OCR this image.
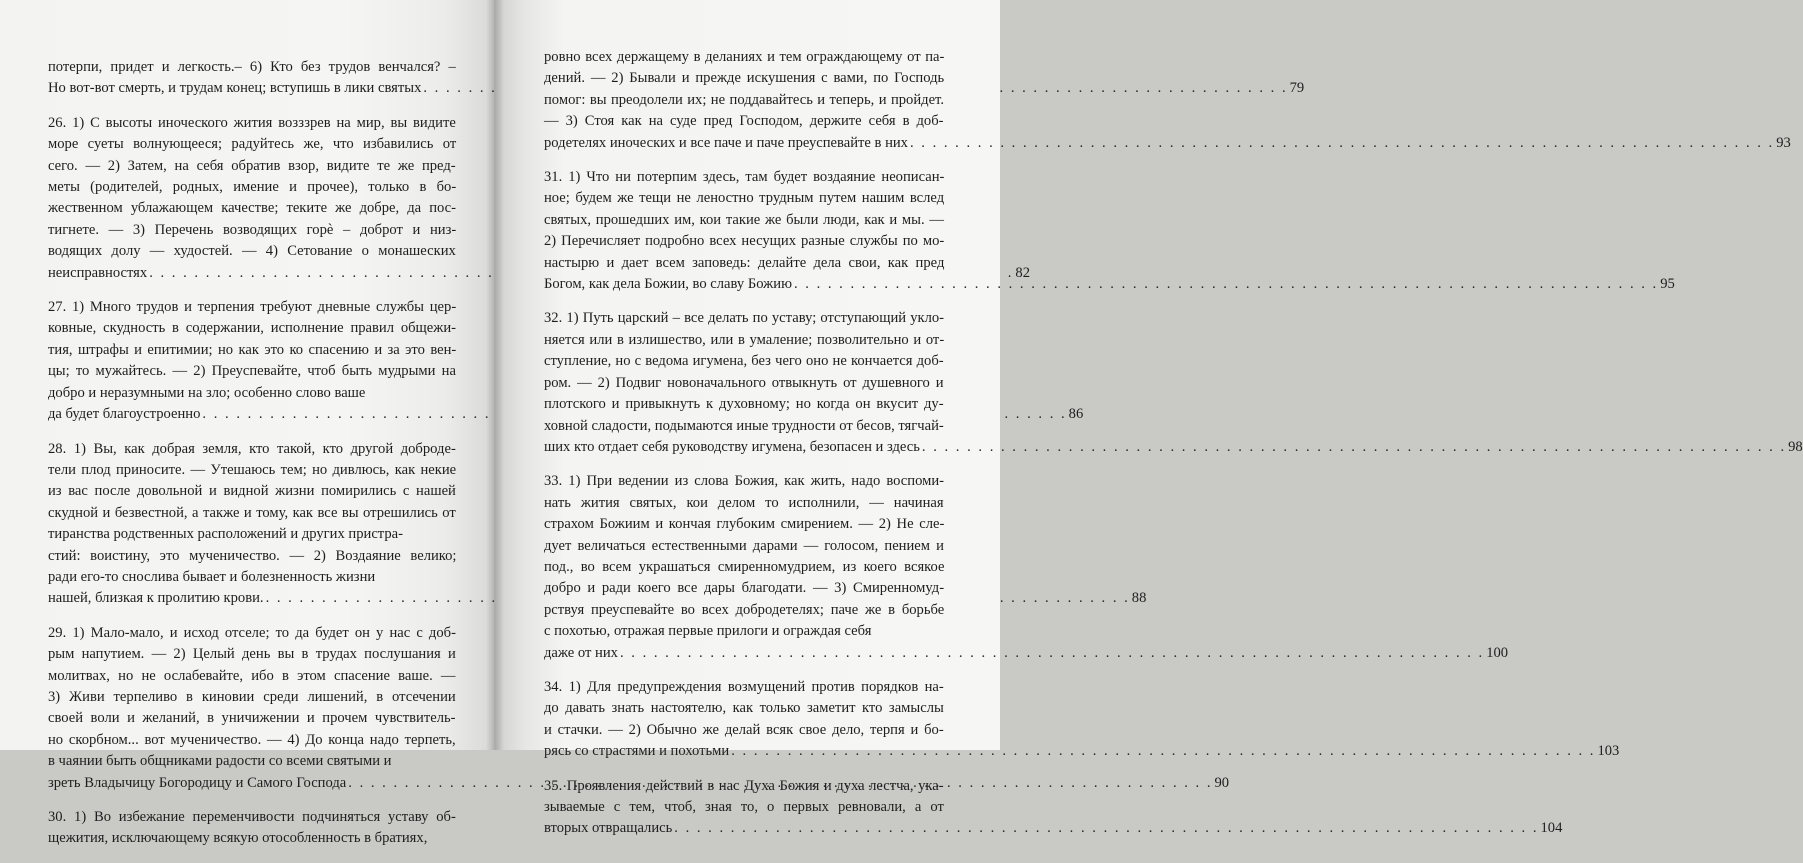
потерпи, придет и легкость.– 6) Кто без трудов венчался? –
Но вот-вот смерть, и трудам конец; вступишь в лики святых . . .	79
26. 1) С высоты иноческого жития возззрев на мир, вы видите
море суеты волнующееся; радуйтесь же, что избавились от
сего. — 2) Затем, на себя обратив взор, видите те же пред-
меты (родителей, родных, имение и прочее), только в бо-
жественном ублажающем качестве; теките же добре, да пос-
тигнете. — 3) Перечень возводящих горѐ – доброт и низ-
водящих долу — худостей. — 4) Сетование о монашеских
неисправностях . . .	82
27. 1) Много трудов и терпения требуют дневные службы цер-
ковные, скудность в содержании, исполнение правил общежи-
тия, штрафы и епитимии; но как это ко спасению и за это вен-
цы; то мужайтесь. — 2) Преуспевайте, чтоб быть мудрыми на
добро и неразумными на зло; особенно слово ваше
да будет благоустроенно . . .	86
28. 1) Вы, как добрая земля, кто такой, кто другой доброде-
тели плод приносите. — Утешаюсь тем; но дивлюсь, как некие
из вас после довольной и видной жизни помирились с нашей
скудной и безвестной, а также и тому, как все вы отрешились от
тиранства родственных расположений и других пристра-
стий: воистину, это мученичество. — 2) Воздаяние велико;
ради его-то сносливa бывает и болезненность жизни
нашей, близкая к пролитию крови. . . .	88
29. 1) Мало-мало, и исход отселе; то да будет он у нас с доб-
рым напутием. — 2) Целый день вы в трудах послушания и
молитвах, но не ослабевайте, ибо в этом спасение ваше. —
3) Живи терпеливо в киновии среди лишений, в отсечении
своей воли и желаний, в уничижении и прочем чувствитель-
но скорбном... вот мученичество. — 4) До конца надо терпеть,
в чаянии быть общниками радости со всеми святыми и
зреть Владычицу Богородицу и Самого Господа . . .	90
30. 1) Во избежание переменчивости подчиняться уставу об-
щежития, исключающему всякую отособленность в братиях,
ровно всех держащему в деланиях и тем ограждающему от па-
дений. — 2) Бывали и прежде искушения с вами, по Господь
помог: вы преодолели их; не поддавайтесь и теперь, и пройдет.
— 3) Стоя как на суде пред Господом, держите себя в доб-
родетелях иноческих и все паче и паче преуспевайте в них . . .	93
31. 1) Что ни потерпим здесь, там будет воздаяние неописан-
ное; будем же тещи не леностно трудным путем нашим вслед
святых, прошедших им, кои такие же были люди, как и мы. —
2) Перечисляет подробно всех несущих разные службы по мо-
настырю и дает всем заповедь: делайте дела свои, как пред
Богом, как дела Божии, во славу Божию . . .	95
32. 1) Путь царский – все делать по уставу; отступающий укло-
няется или в излишество, или в умаление; позволительно и от-
ступление, но с ведома игумена, без чего оно не кончается доб-
ром. — 2) Подвиг новоначального отвыкнуть от душевного и
плотского и привыкнуть к духовному; но когда он вкусит ду-
ховной сладости, подымаются иные трудности от бесов, тягчай-
ших кто отдает себя руководству игумена, безопасен и здесь . . .	98
33. 1) При ведении из слова Божия, как жить, надо воспоми-
нать жития святых, кои делом то исполнили, — начиная
страхом Божиим и кончая глубоким смирением. — 2) Не сле-
дует величаться естественными дарами — голосом, пением и
под., во всем украшаться смиренномудрием, из коего всякое
добро и ради коего все дары благодати. — 3) Смиренномуд-
рствуя преуспевайте во всех добродетелях; паче же в борьбе
с похотью, отражая первые прилоги и ограждая себя
даже от них . . .	100
34. 1) Для предупреждения возмущений против порядков на-
до давать знать настоятелю, как только заметит кто замыслы
и стачки. — 2) Обычно же делай всяк свое дело, терпя и бо-
рясь со страстями и похотьми . . .	103
35. Проявления действий в нас Духа Божия и духа лестча, ука-
зываемые с тем, чтоб, зная то, о первых ревновали, а от
вторых отвращались . . .	104
